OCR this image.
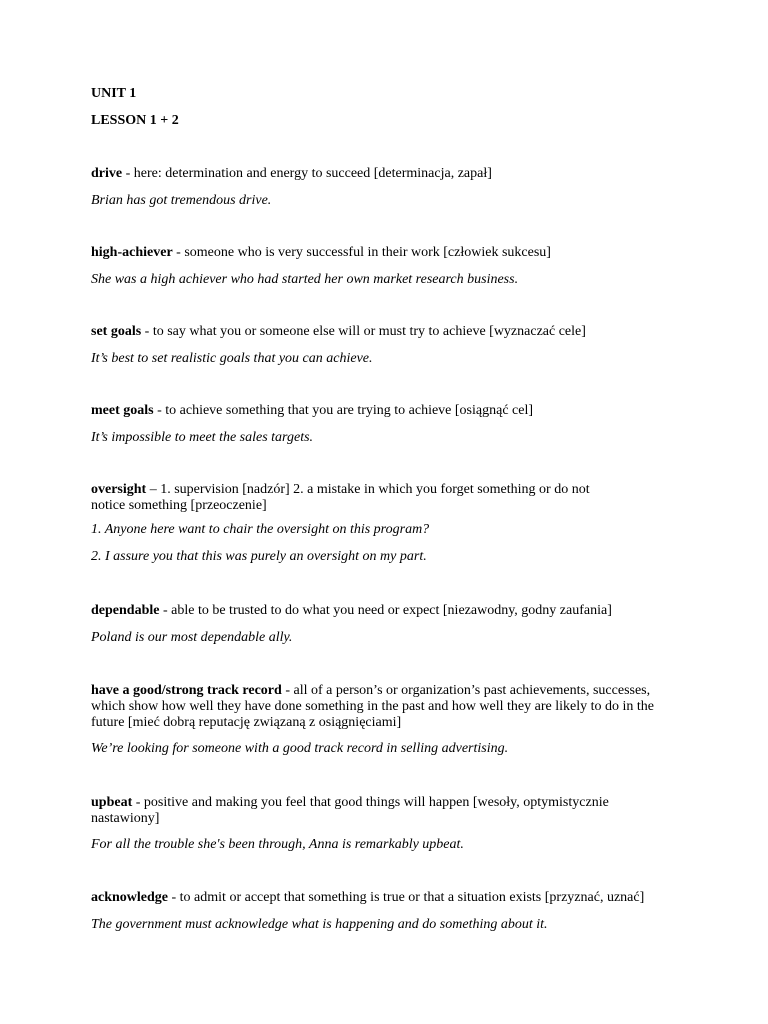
UNIT 1
LESSON 1 + 2

drive - here: determination and energy to succeed [determinacja, zapał]

Brian has got tremendous drive.

high-achiever - someone who is very successful in their work [człowiek sukcesu]

She was a high achiever who had started her own market research business.

set goals - to say what you or someone else will or must try to achieve [wyznaczać cele]

It’s best to set realistic goals that you can achieve.

meet goals - to achieve something that you are trying to achieve [osiągnąć cel]

It’s impossible to meet the sales targets.

oversight – 1. supervision [nadzór] 2. a mistake in which you forget something or do not notice something [przeoczenie]

1. Anyone here want to chair the oversight on this program?

2. I assure you that this was purely an oversight on my part.

dependable - able to be trusted to do what you need or expect [niezawodny, godny zaufania]

Poland is our most dependable ally.

have a good/strong track record - all of a person’s or organization’s past achievements, successes, which show how well they have done something in the past and how well they are likely to do in the future [mieć dobrą reputację związaną z osiągnięciami]

We’re looking for someone with a good track record in selling advertising.

upbeat - positive and making you feel that good things will happen [wesoły, optymistycznie nastawiony]

For all the trouble she's been through, Anna is remarkably upbeat.

acknowledge - to admit or accept that something is true or that a situation exists [przyznać, uznać]

The government must acknowledge what is happening and do something about it.
